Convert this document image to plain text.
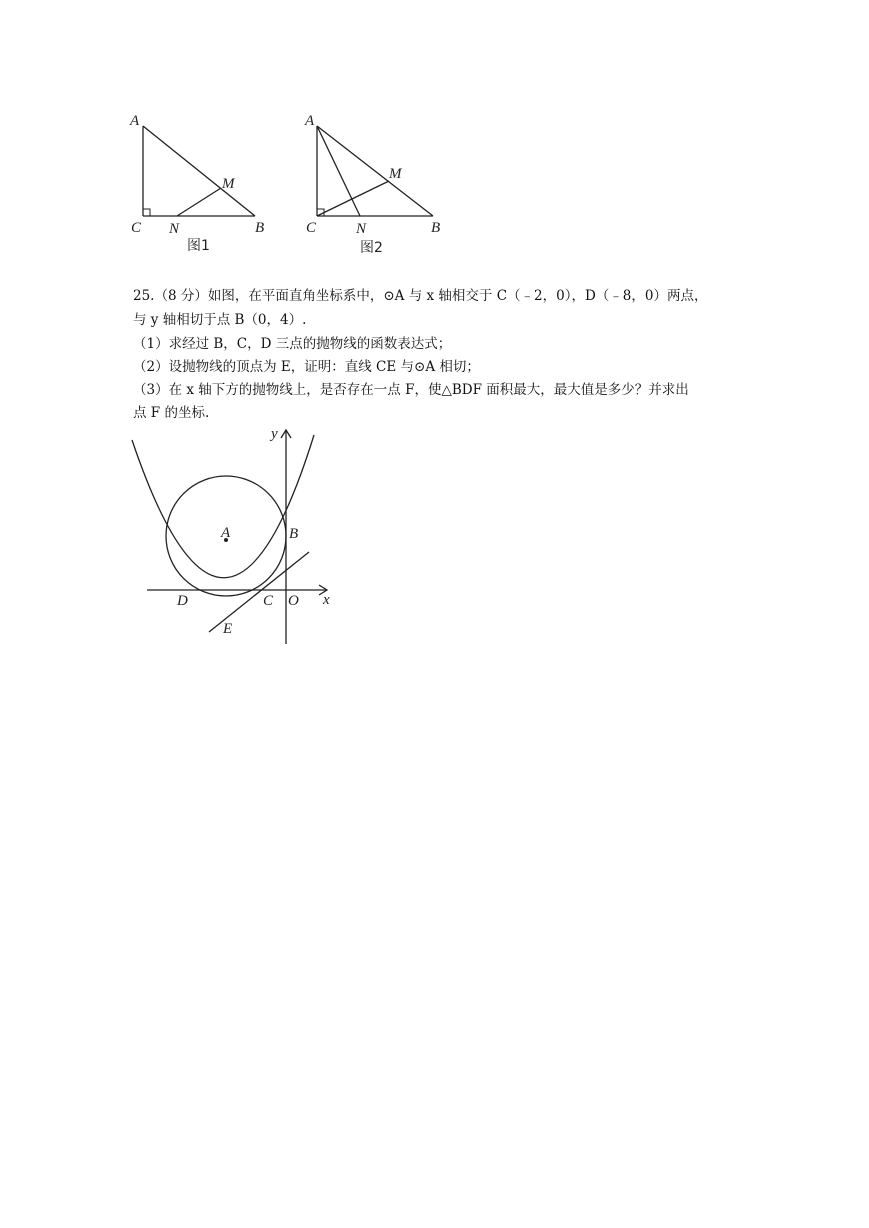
A
C N	B
M
图1
A
C	N	B
M
图2
25.（8 分）如图，在平面直角坐标系中，⊙A 与 x 轴相交于 C（﹣2，0），D（﹣8，0）两点，
与 y 轴相切于点 B（0，4）.
（1）求经过 B，C，D 三点的抛物线的函数表达式；
（2）设抛物线的顶点为 E，证明：直线 CE 与⊙A 相切；
（3）在 x 轴下方的抛物线上，是否存在一点 F，使△BDF 面积最大，最大值是多少？并求出
点 F 的坐标.
y
x
A	B
D	C O
E
